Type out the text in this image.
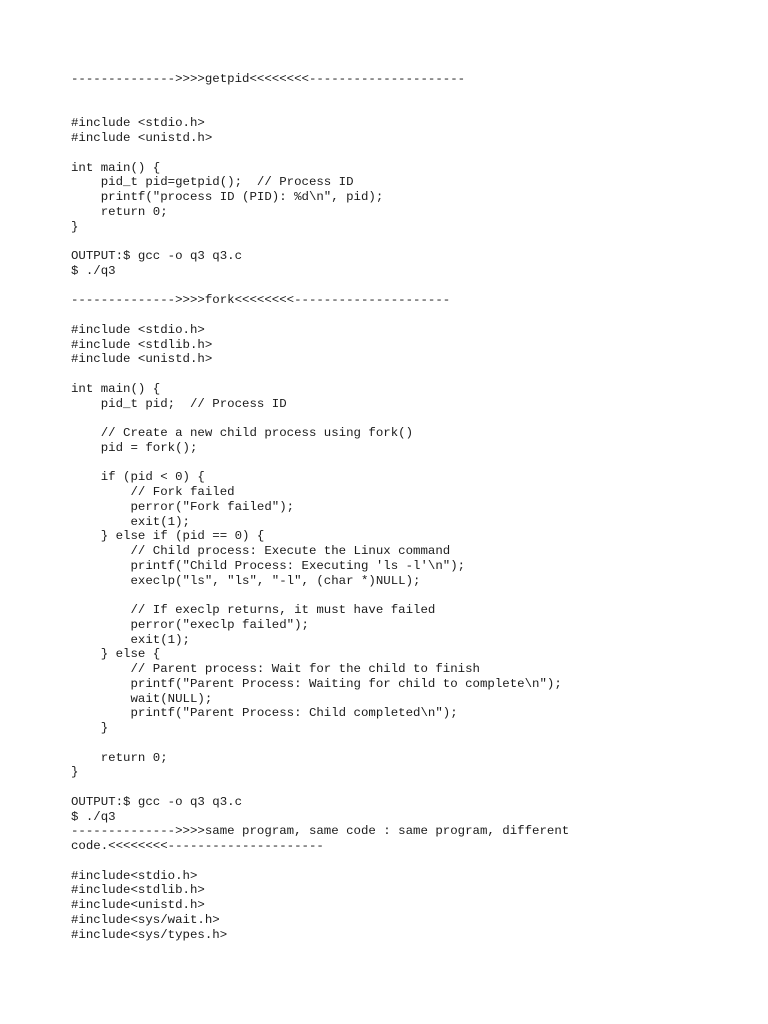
-------------->>>>getpid<<<<<<<<---------------------
#include <stdio.h>
#include <unistd.h>
int main() {
pid_t pid=getpid();  // Process ID
printf("process ID (PID): %d\n", pid);
return 0;
}
OUTPUT:$ gcc -o q3 q3.c
$ ./q3
-------------->>>>fork<<<<<<<<---------------------
#include <stdio.h>
#include <stdlib.h>
#include <unistd.h>
int main() {
pid_t pid;  // Process ID
// Create a new child process using fork()
pid = fork();
if (pid < 0) {
// Fork failed
perror("Fork failed");
exit(1);
} else if (pid == 0) {
// Child process: Execute the Linux command
printf("Child Process: Executing 'ls -l'\n");
execlp("ls", "ls", "-l", (char *)NULL);
// If execlp returns, it must have failed
perror("execlp failed");
exit(1);
} else {
// Parent process: Wait for the child to finish
printf("Parent Process: Waiting for child to complete\n");
wait(NULL);
printf("Parent Process: Child completed\n");
}
return 0;
}
OUTPUT:$ gcc -o q3 q3.c
$ ./q3
-------------->>>>same program, same code : same program, different
code.<<<<<<<<---------------------
#include<stdio.h>
#include<stdlib.h>
#include<unistd.h>
#include<sys/wait.h>
#include<sys/types.h>
